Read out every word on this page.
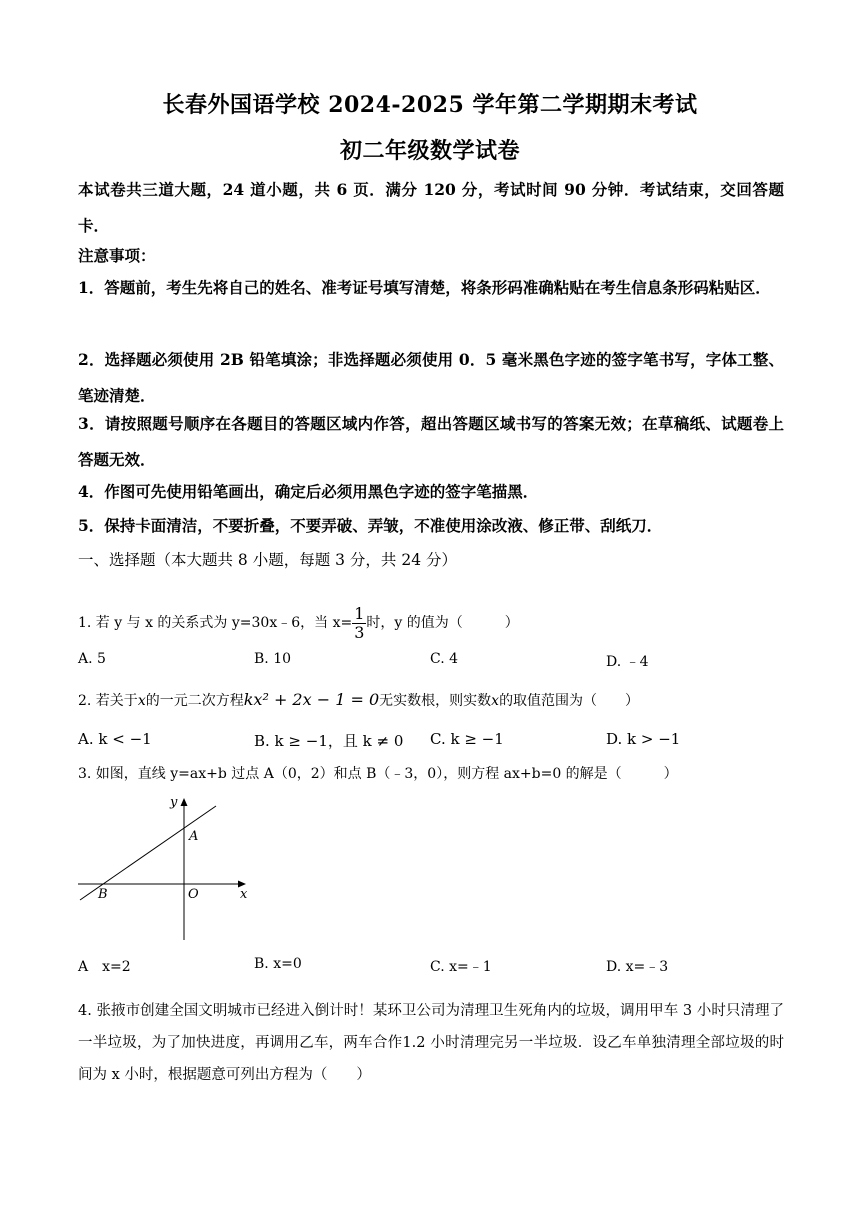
长春外国语学校 2024-2025 学年第二学期期末考试
初二年级数学试卷
本试卷共三道大题，24 道小题，共 6 页．满分 120 分，考试时间 90 分钟．考试结束，交回答题卡．
注意事项：
1．答题前，考生先将自己的姓名、准考证号填写清楚，将条形码准确粘贴在考生信息条形码粘贴区．
2．选择题必须使用 2B 铅笔填涂；非选择题必须使用 0．5 毫米黑色字迹的签字笔书写，字体工整、笔迹清楚．
3．请按照题号顺序在各题目的答题区域内作答，超出答题区域书写的答案无效；在草稿纸、试题卷上答题无效．
4．作图可先使用铅笔画出，确定后必须用黑色字迹的签字笔描黑．
5．保持卡面清洁，不要折叠，不要弄破、弄皱，不准使用涂改液、修正带、刮纸刀．
一、选择题（本大题共 8 小题，每题 3 分，共 24 分）
1. 若 y 与 x 的关系式为 y=30x﹣6，当 $x= \frac{1}{3}$ 时，y 的值为（　　　）
A. 5	B. 10	C. 4	D. ﹣4
2. 若关于x的一元二次方程kx² + 2x − 1 = 0无实数根，则实数x的取值范围为（　　）
A. k < −1	B. k ≥ −1，且 k ≠ 0 C. k ≥ −1	D. k > −1
3. 如图，直线 y=ax+b 过点 A（0，2）和点 B（﹣3，0），则方程 ax+b=0 的解是（　　　）
y
x
A
B	O
A　x=2	B. x=0	C. x=﹣1	D. x=﹣3
4. 张掖市创建全国文明城市已经进入倒计时！某环卫公司为清理卫生死角内的垃圾，调用甲车 3 小时只清理了一半垃圾，为了加快进度，再调用乙车，两车合作1.2 小时清理完另一半垃圾．设乙车单独清理全部垃圾的时间为 x 小时，根据题意可列出方程为（　　）
